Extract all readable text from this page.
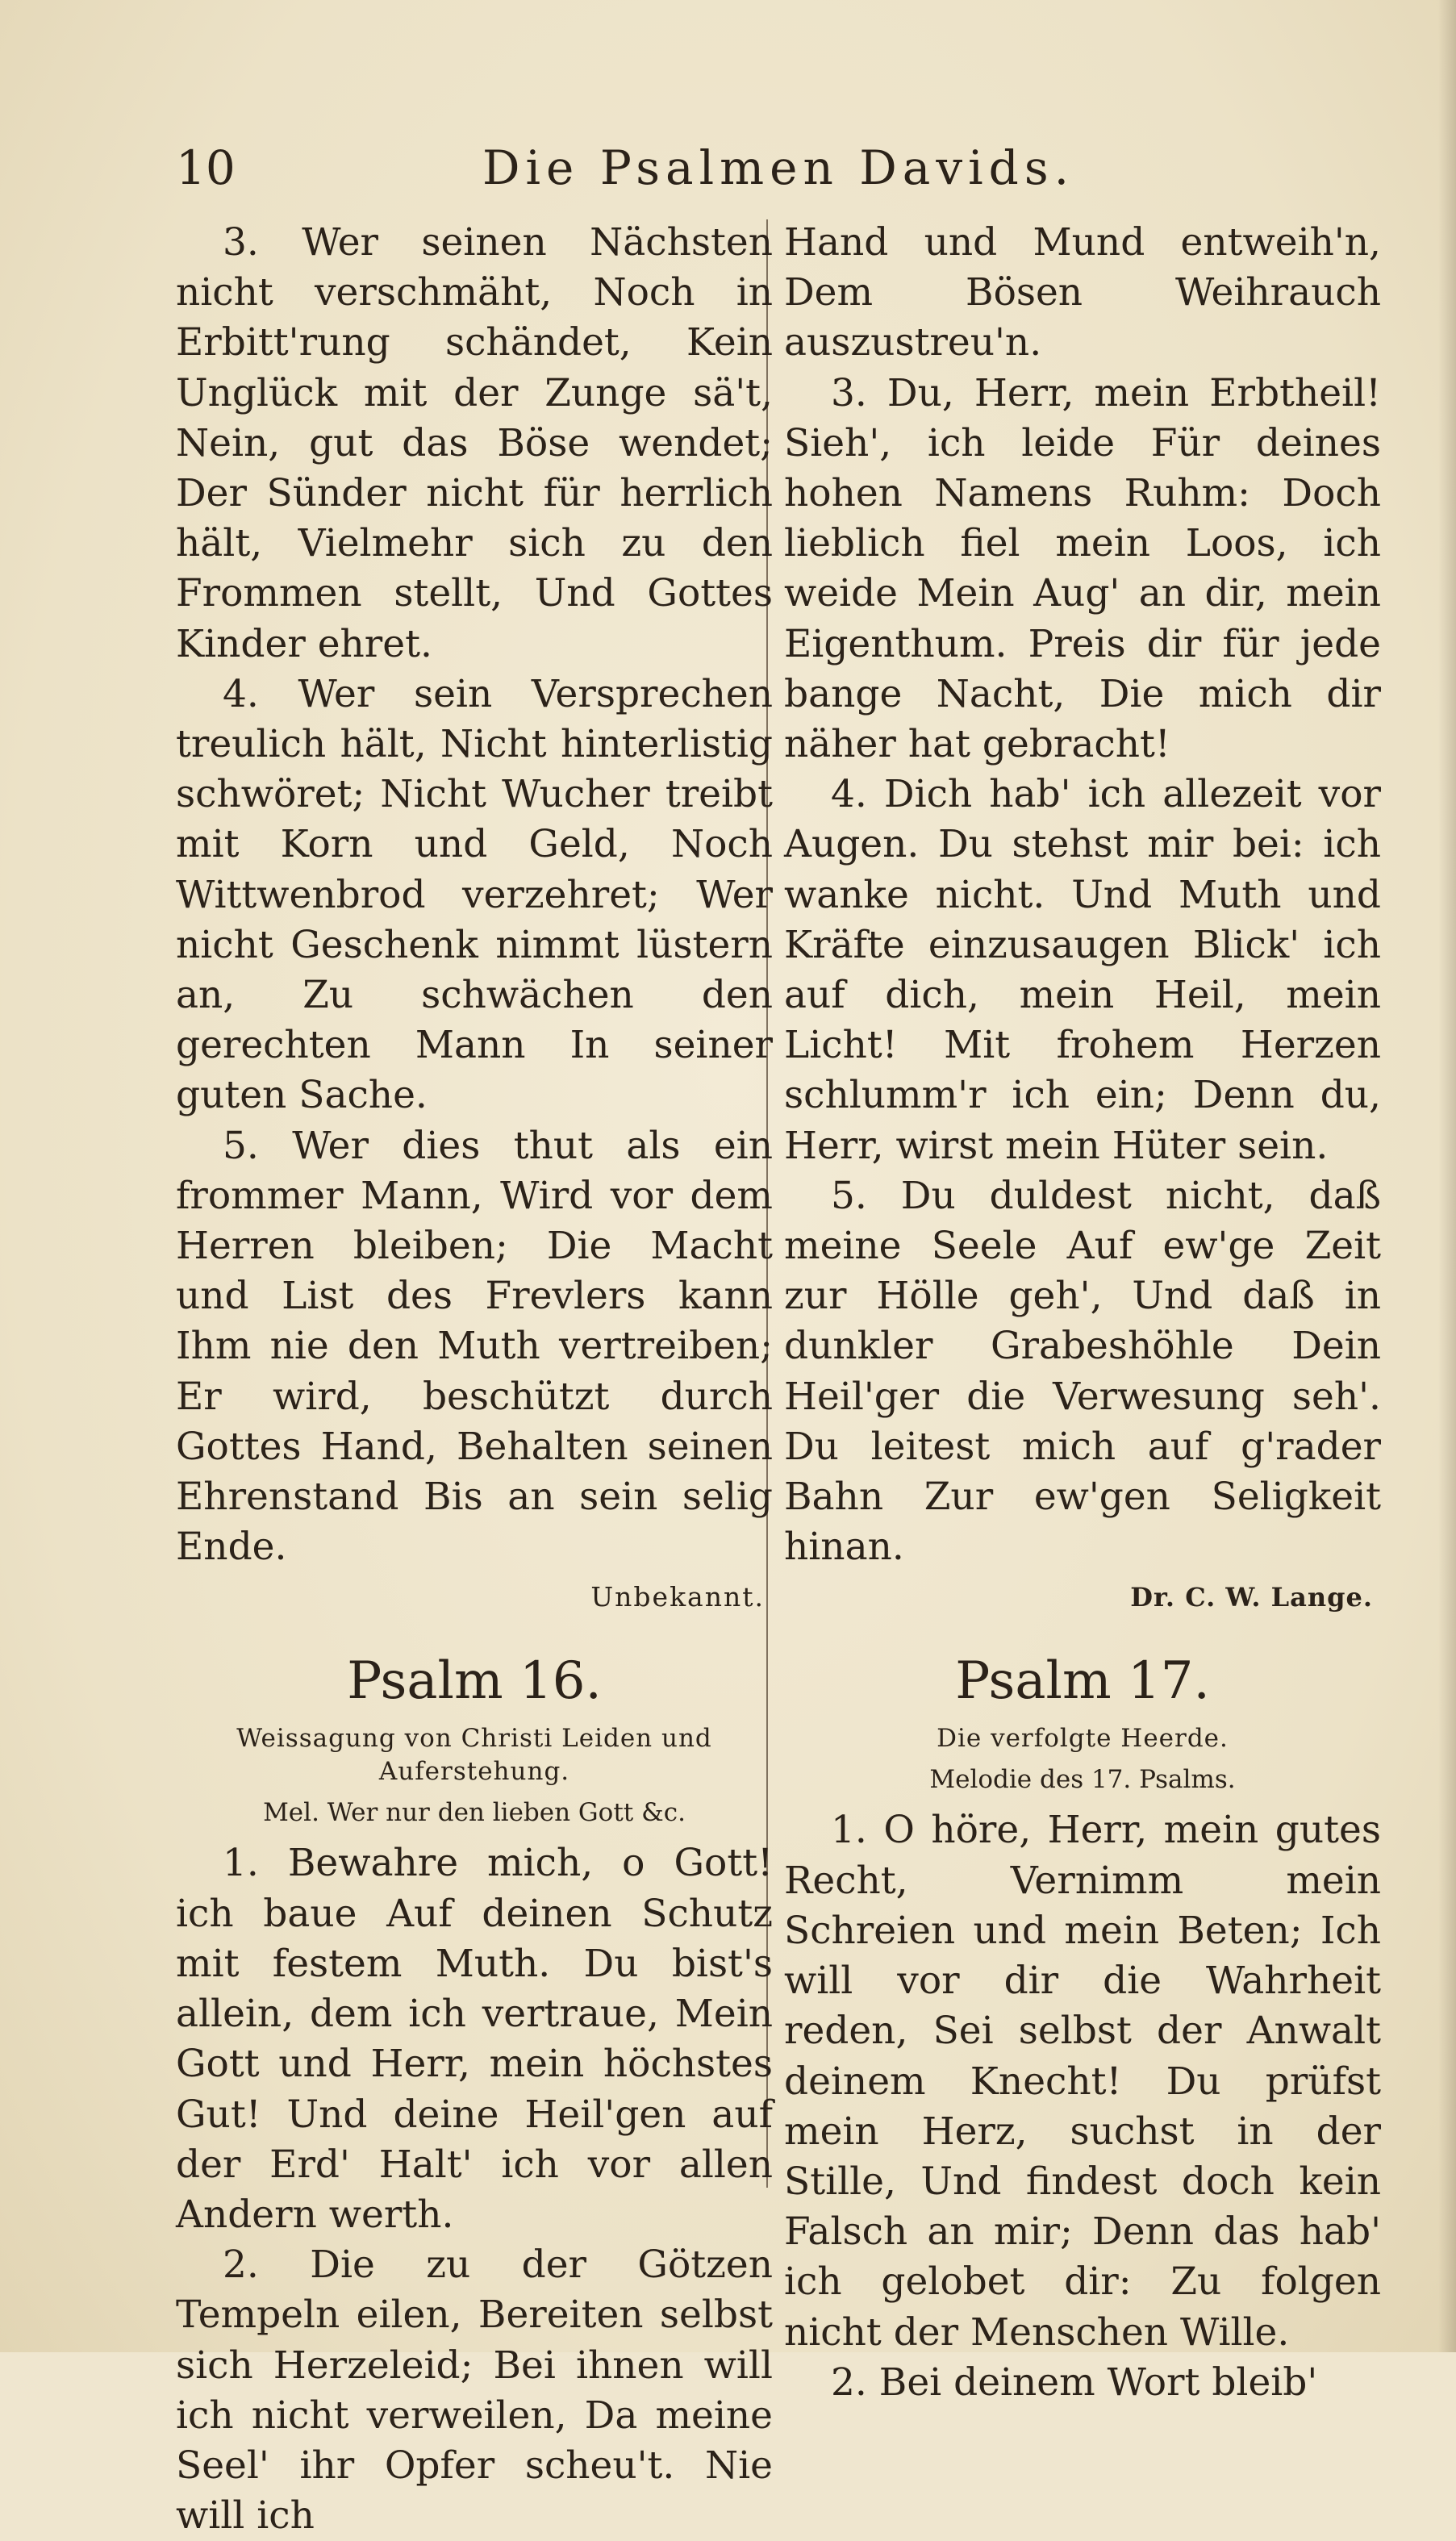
10	Die Psalmen Davids.

3. Wer seinen Nächsten nicht verschmäht, Noch in Erbitt'rung schändet, Kein Unglück mit der Zunge sä't, Nein, gut das Böse wendet; Der Sünder nicht für herrlich hält, Vielmehr sich zu den Frommen stellt, Und Gottes Kinder ehret.

4. Wer sein Versprechen treulich hält, Nicht hinterlistig schwöret; Nicht Wucher treibt mit Korn und Geld, Noch Wittwenbrod verzehret; Wer nicht Geschenk nimmt lüstern an, Zu schwächen den gerechten Mann In seiner guten Sache.

5. Wer dies thut als ein frommer Mann, Wird vor dem Herren bleiben; Die Macht und List des Frevlers kann Ihm nie den Muth vertreiben; Er wird, beschützt durch Gottes Hand, Behalten seinen Ehrenstand Bis an sein selig Ende.

Unbekannt.
Psalm 16.
Weissagung von Christi Leiden und Auferstehung.
Mel. Wer nur den lieben Gott &c.

1. Bewahre mich, o Gott! ich baue Auf deinen Schutz mit festem Muth. Du bist's allein, dem ich vertraue, Mein Gott und Herr, mein höchstes Gut! Und deine Heil'gen auf der Erd' Halt' ich vor allen Andern werth.

2. Die zu der Götzen Tempeln eilen, Bereiten selbst sich Herzeleid; Bei ihnen will ich nicht verweilen, Da meine Seel' ihr Opfer scheu't. Nie will ich

Hand und Mund entweih'n, Dem Bösen Weihrauch auszustreu'n.

3. Du, Herr, mein Erbtheil! Sieh', ich leide Für deines hohen Namens Ruhm: Doch lieblich fiel mein Loos, ich weide Mein Aug' an dir, mein Eigenthum. Preis dir für jede bange Nacht, Die mich dir näher hat gebracht!

4. Dich hab' ich allezeit vor Augen. Du stehst mir bei: ich wanke nicht. Und Muth und Kräfte einzusaugen Blick' ich auf dich, mein Heil, mein Licht! Mit frohem Herzen schlumm'r ich ein; Denn du, Herr, wirst mein Hüter sein.

5. Du duldest nicht, daß meine Seele Auf ew'ge Zeit zur Hölle geh', Und daß in dunkler Grabeshöhle Dein Heil'ger die Verwesung seh'. Du leitest mich auf g'rader Bahn Zur ew'gen Seligkeit hinan.

Dr. C. W. Lange.
Psalm 17.
Die verfolgte Heerde.
Melodie des 17. Psalms.

1. O höre, Herr, mein gutes Recht, Vernimm mein Schreien und mein Beten; Ich will vor dir die Wahrheit reden, Sei selbst der Anwalt deinem Knecht! Du prüfst mein Herz, suchst in der Stille, Und findest doch kein Falsch an mir; Denn das hab' ich gelobet dir: Zu folgen nicht der Menschen Wille.

2. Bei deinem Wort bleib'
